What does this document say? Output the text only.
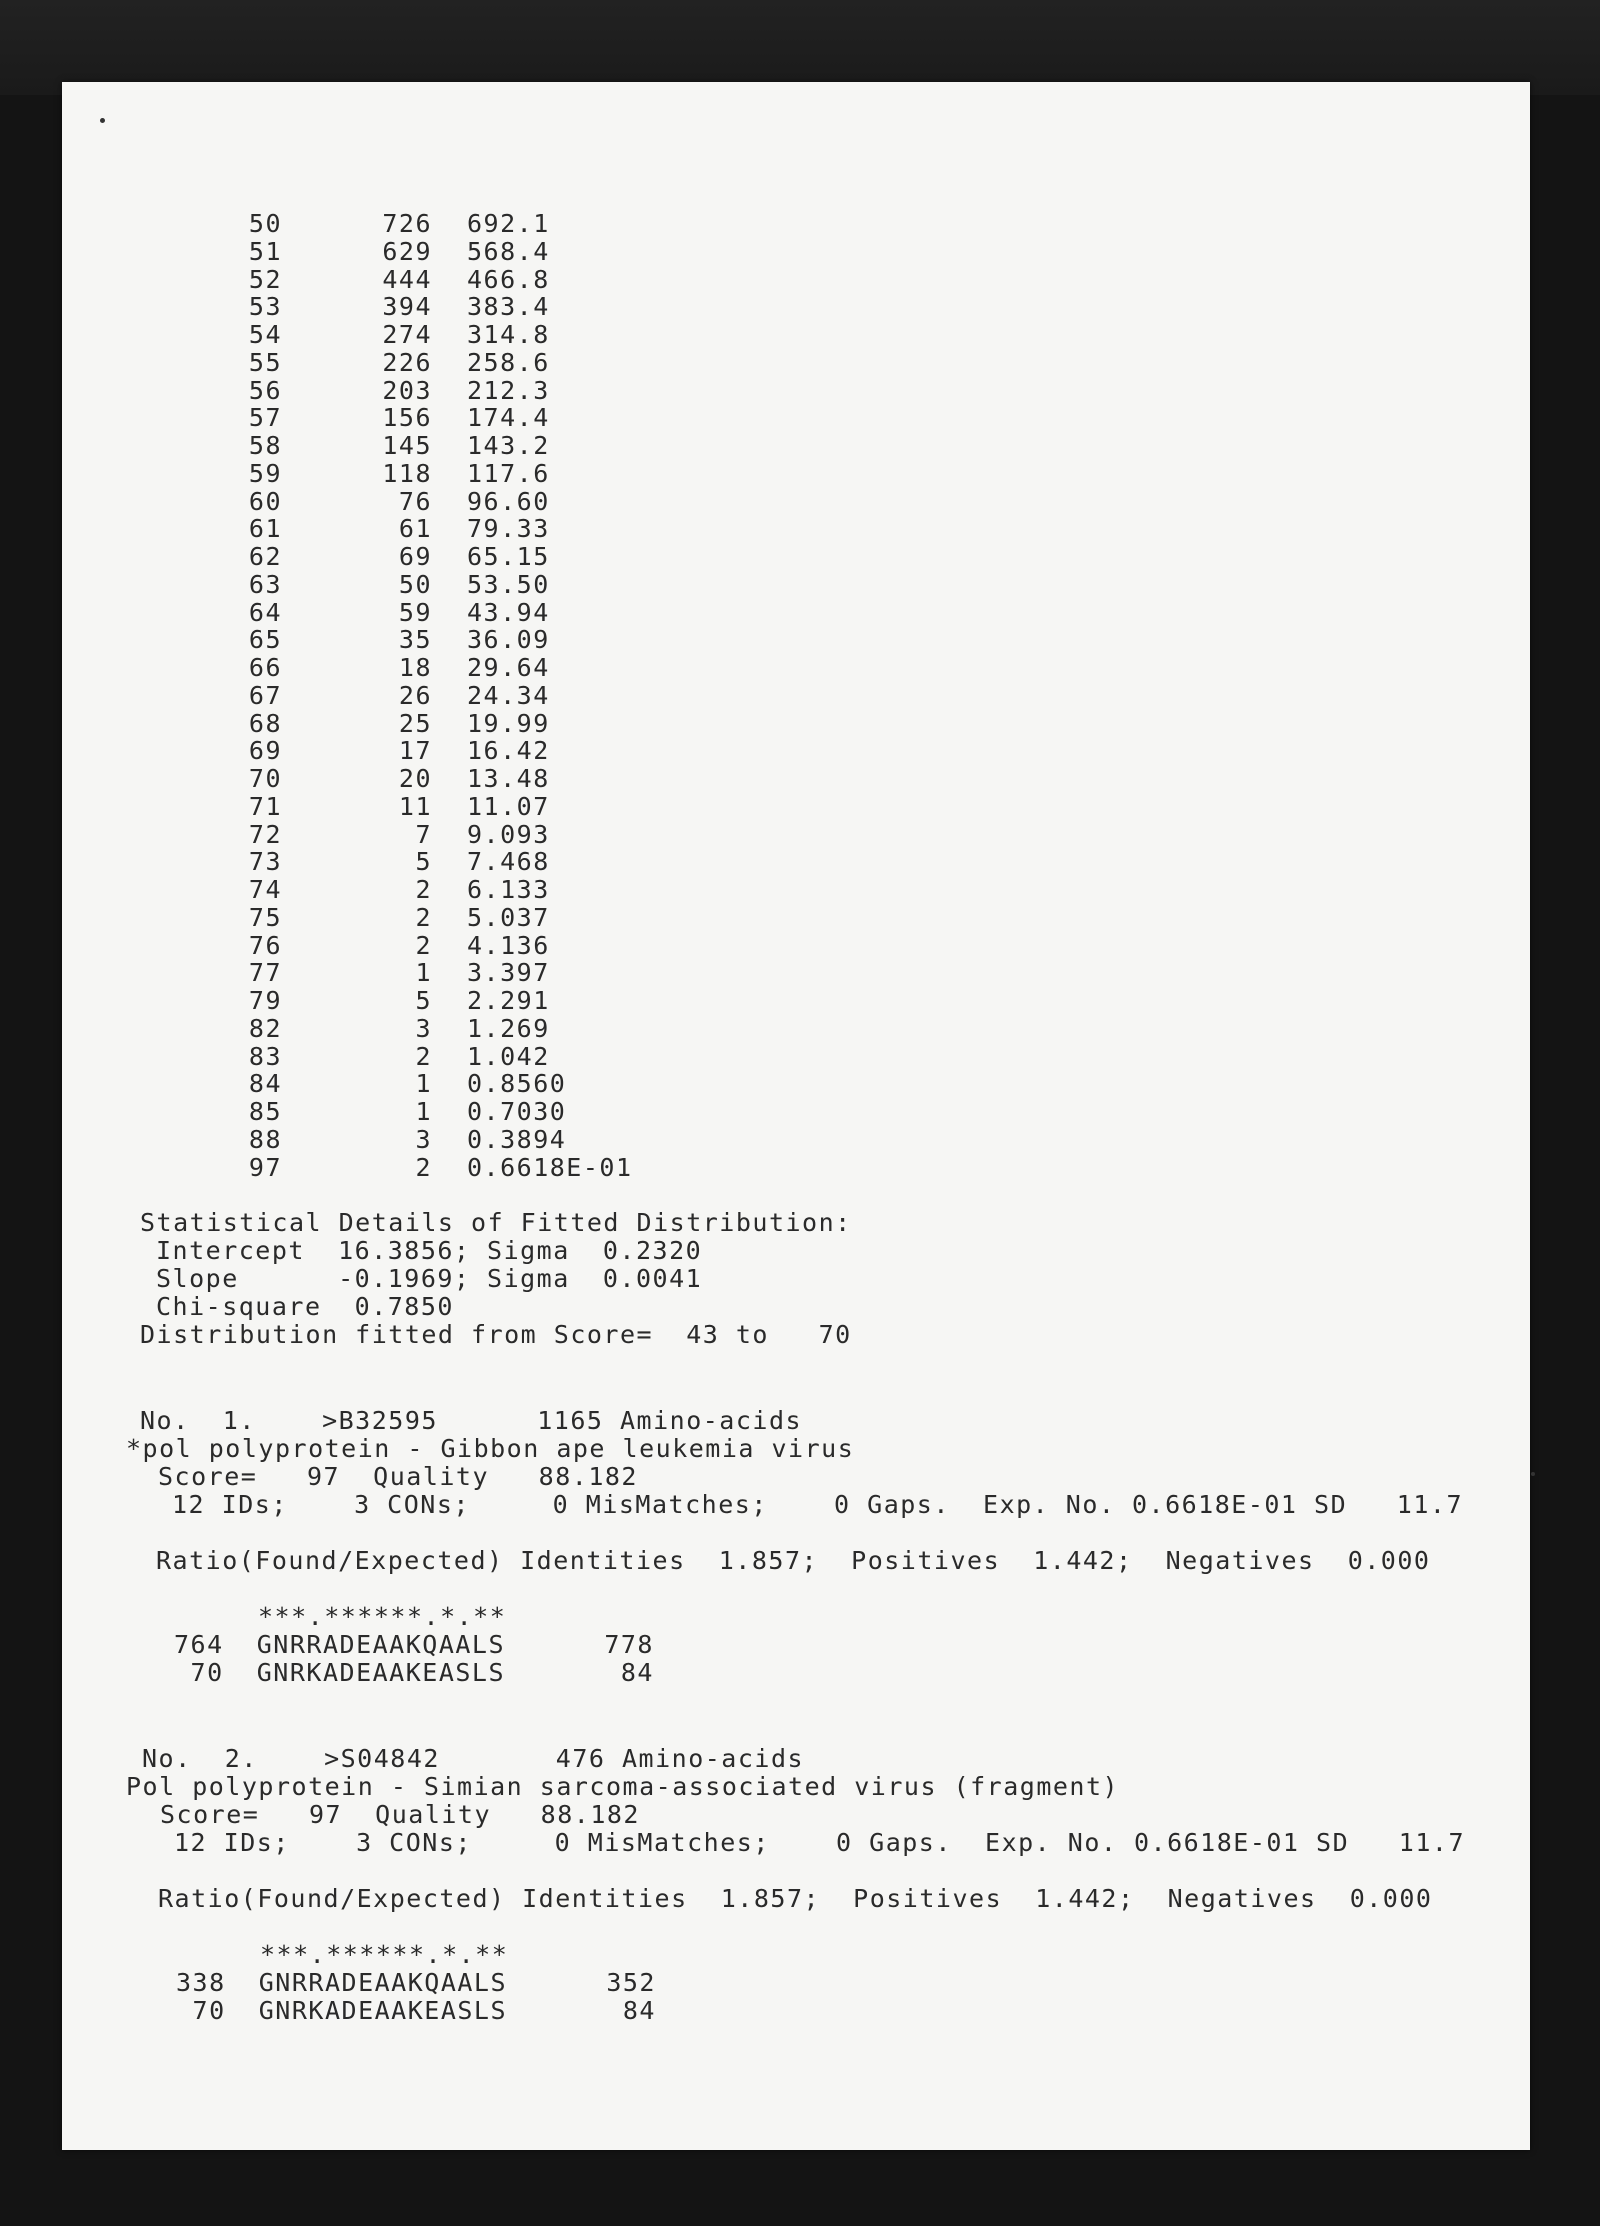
50	726 692.1
51	629 568.4
52	444 466.8
53	394 383.4
54	274 314.8
55	226 258.6
56	203 212.3
57	156 174.4
58	145 143.2
59	118 117.6
60	76 96.60
61	61 79.33
62	69 65.15
63	50 53.50
64	59 43.94
65	35 36.09
66	18 29.64
67	26 24.34
68	25 19.99
69	17 16.42
70	20 13.48
71	11 11.07
72	7 9.093
73	5 7.468
74	2 6.133
75	2 5.037
76	2 4.136
77	1 3.397
79	5 2.291
82	3 1.269
83	2 1.042
84	1 0.8560
85	1 0.7030
88	3 0.3894
97	2 0.6618E-01
Statistical Details of Fitted Distribution:
Intercept  16.3856; Sigma  0.2320
Slope      -0.1969; Sigma  0.0041
Chi-square  0.7850
Distribution fitted from Score=  43 to   70
No.  1.    >B32595      1165 Amino-acids
*pol polyprotein - Gibbon ape leukemia virus
Score=   97  Quality   88.182
12 IDs;    3 CONs;     0 MisMatches;    0 Gaps.  Exp. No. 0.6618E-01 SD   11.7
Ratio(Found/Expected) Identities  1.857;  Positives  1.442;  Negatives  0.000
***.******.*.**
764  GNRRADEAAKQAALS      778
70  GNRKADEAAKEASLS       84
No.  2.    >S04842       476 Amino-acids
Pol polyprotein - Simian sarcoma-associated virus (fragment)
Score=   97  Quality   88.182
12 IDs;    3 CONs;     0 MisMatches;    0 Gaps.  Exp. No. 0.6618E-01 SD   11.7
Ratio(Found/Expected) Identities  1.857;  Positives  1.442;  Negatives  0.000
***.******.*.**
338  GNRRADEAAKQAALS      352
70  GNRKADEAAKEASLS       84
